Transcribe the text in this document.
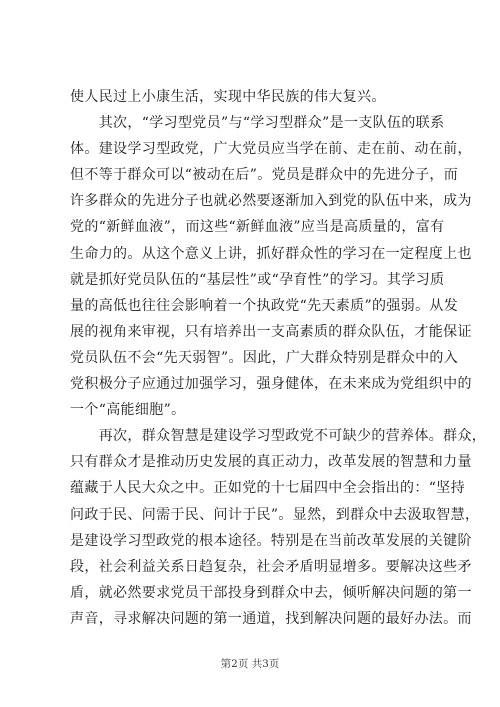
使人民过上小康生活，实现中华民族的伟大复兴。
　　其次，“学习型党员”与“学习型群众”是一支队伍的联系
体。建设学习型政党，广大党员应当学在前、走在前、动在前，
但不等于群众可以“被动在后”。党员是群众中的先进分子，而
许多群众的先进分子也就必然要逐渐加入到党的队伍中来，成为
党的“新鲜血液”，而这些“新鲜血液”应当是高质量的，富有
生命力的。从这个意义上讲，抓好群众性的学习在一定程度上也
就是抓好党员队伍的“基层性”或“孕育性”的学习。其学习质
量的高低也往往会影响着一个执政党“先天素质”的强弱。从发
展的视角来审视，只有培养出一支高素质的群众队伍，才能保证
党员队伍不会“先天弱智”。因此，广大群众特别是群众中的入
党积极分子应通过加强学习，强身健体，在未来成为党组织中的
一个“高能细胞”。
　　再次，群众智慧是建设学习型政党不可缺少的营养体。群众，
只有群众才是推动历史发展的真正动力，改革发展的智慧和力量
蕴藏于人民大众之中。正如党的十七届四中全会指出的：“坚持
问政于民、问需于民、问计于民”。显然，到群众中去汲取智慧，
是建设学习型政党的根本途径。特别是在当前改革发展的关键阶
段，社会利益关系日趋复杂，社会矛盾明显增多。要解决这些矛
盾，就必然要求党员干部投身到群众中去，倾听解决问题的第一
声音，寻求解决问题的第一通道，找到解决问题的最好办法。而
第2页 共3页
